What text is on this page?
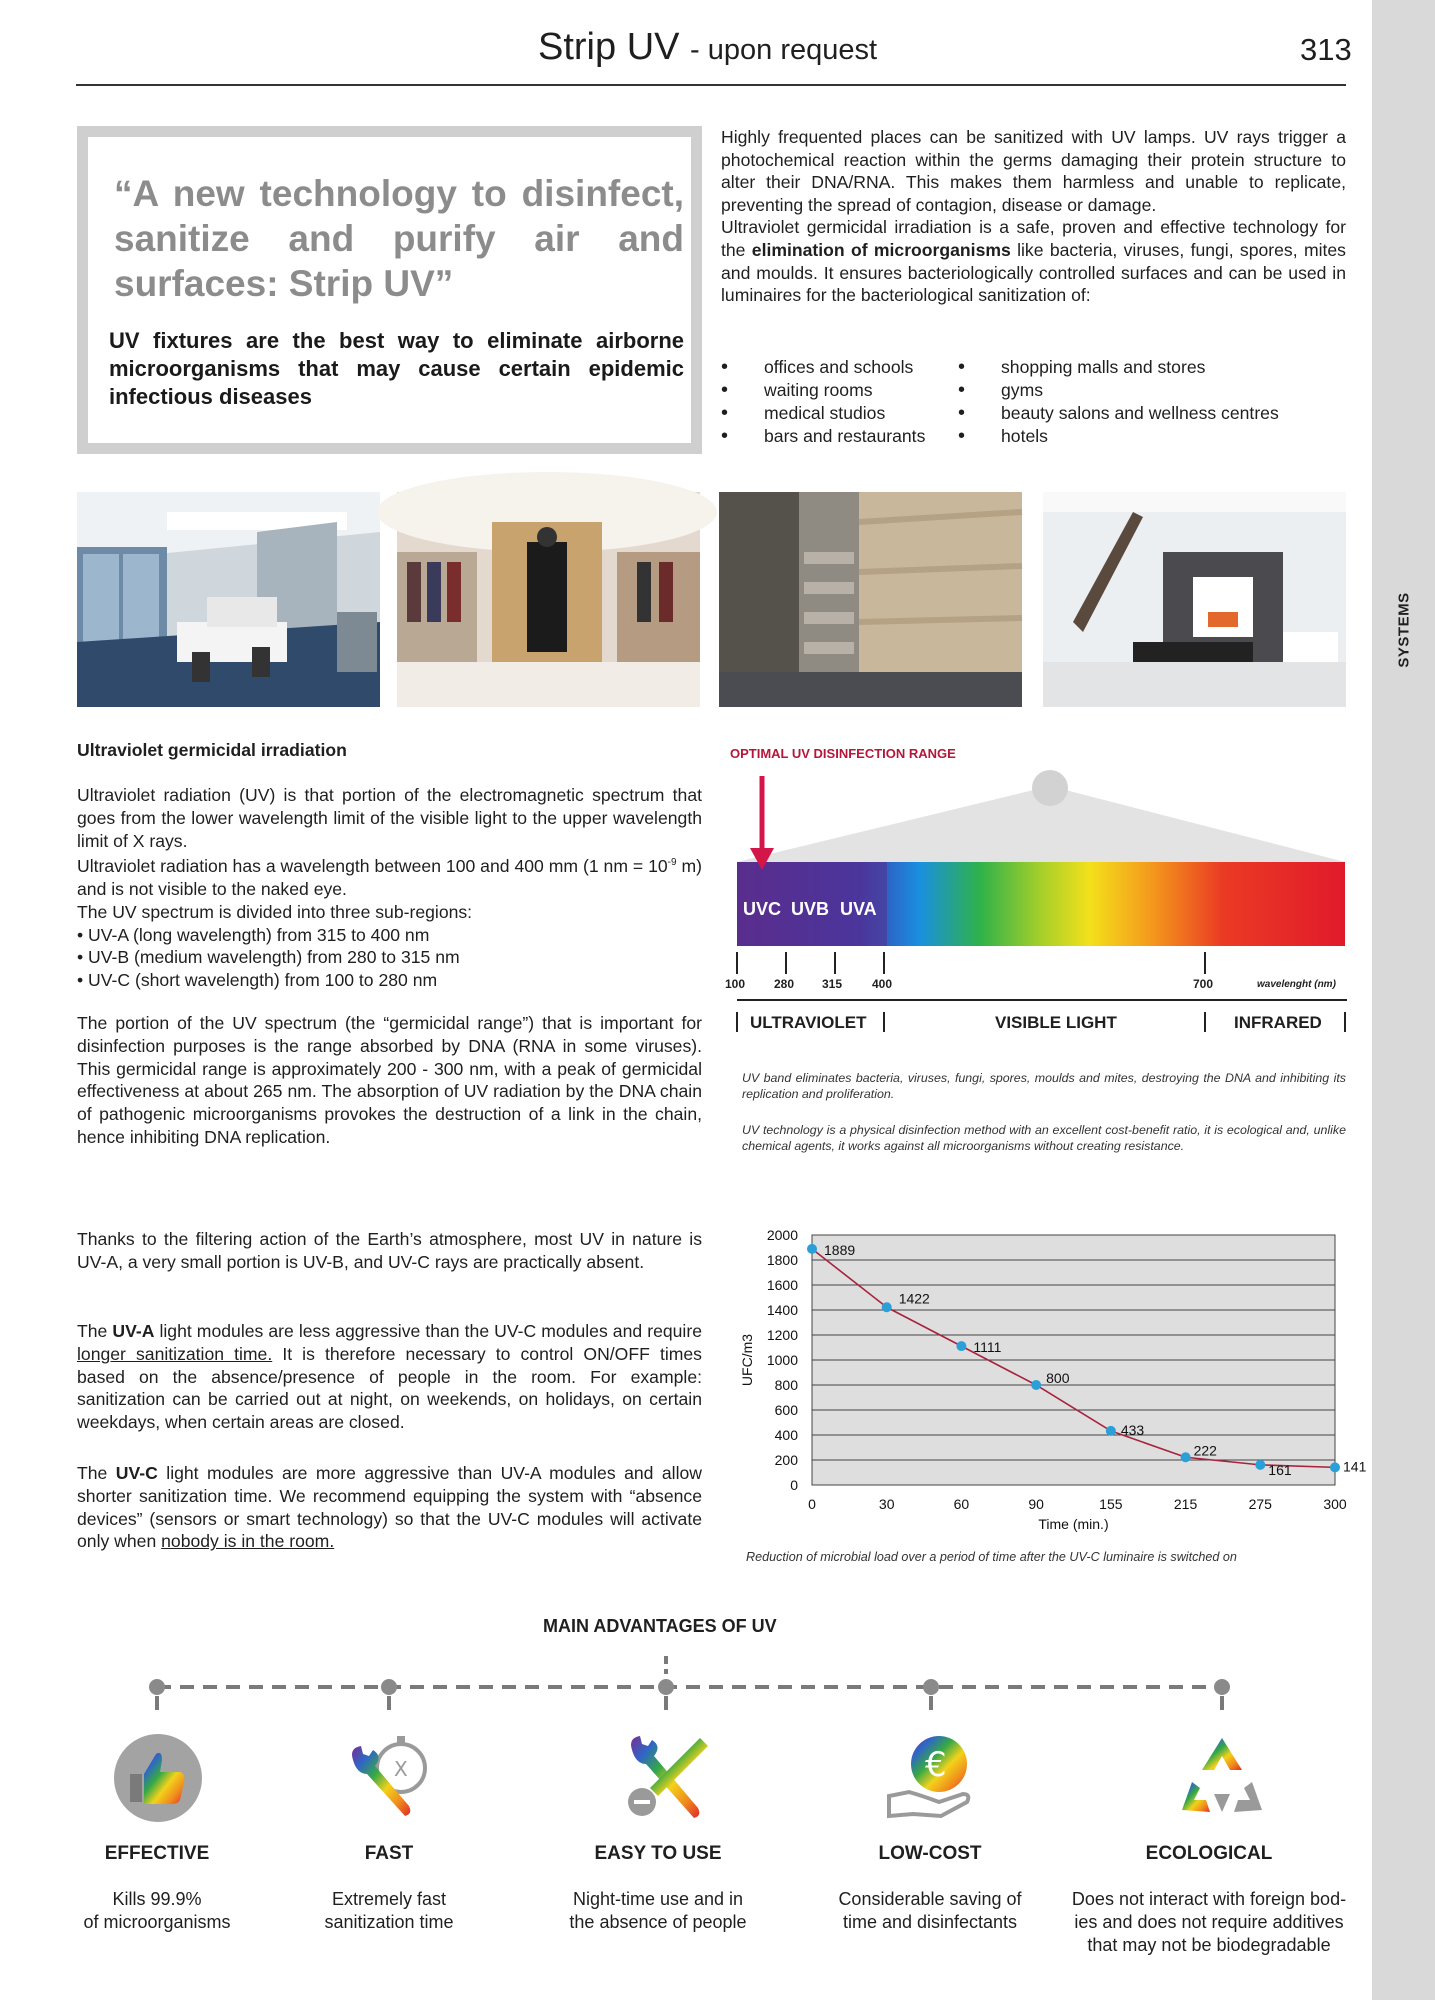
SYSTEMS
Strip UV - upon request	313
“A new technology to disinfect, sanitize and purify air and surfaces: Strip UV”
UV fixtures are the best way to eliminate airborne microorganisms that may cause certain epidemic infectious diseases

Highly frequented places can be sanitized with UV lamps. UV rays trigger a photochemical reaction within the germs damaging their protein structure to alter their DNA/RNA. This makes them harmless and unable to replicate, preventing the spread of contagion, disease or damage.

Ultraviolet germicidal irradiation is a safe, proven and effective technology for the elimination of microorganisms like bacteria, viruses, fungi, spores, mites and moulds. It ensures bacteriologically controlled surfaces and can be used in luminaires for the bacteriological sanitization of:

• offices and schools
• waiting rooms
• medical studios
• bars and restaurants
• shopping malls and stores
• gyms
• beauty salons and wellness centres
• hotels
Ultraviolet germicidal irradiation

Ultraviolet radiation (UV) is that portion of the electromagnetic spectrum that goes from the lower wavelength limit of the visible light to the upper wavelength limit of X rays.

Ultraviolet radiation has a wavelength between 100 and 400 mm (1 nm = $10^{-9}$ m) and is not visible to the naked eye.

The UV spectrum is divided into three sub-regions:

• UV-A (long wavelength) from 315 to 400 nm
• UV-B (medium wavelength) from 280 to 315 nm
• UV-C (short wavelength) from 100 to 280 nm
The portion of the UV spectrum (the “germicidal range”) that is important for disinfection purposes is the range absorbed by DNA (RNA in some viruses). This germicidal range is approximately 200 - 300 nm, with a peak of germicidal effectiveness at about 265 nm. The absorption of UV radiation by the DNA chain of pathogenic microorganisms provokes the destruction of a link in the chain, hence inhibiting DNA replication.
OPTIMAL UV DISINFECTION RANGE
UVC UVB UVA
100 280 315 400	700	wavelenght (nm)
ULTRAVIOLET	VISIBLE LIGHT	INFRARED
UV band eliminates bacteria, viruses, fungi, spores, moulds and mites, destroying the DNA and inhibiting its replication and proliferation.
UV technology is a physical disinfection method with an excellent cost-benefit ratio, it is ecological and, unlike chemical agents, it works against all microorganisms without creating resistance.
Thanks to the filtering action of the Earth’s atmosphere, most UV in nature is UV-A, a very small portion is UV-B, and UV-C rays are practically absent.
The UV-A light modules are less aggressive than the UV-C modules and require longer sanitization time. It is therefore necessary to control ON/OFF times based on the absence/presence of people in the room. For example: sanitization can be carried out at night, on weekends, on holidays, on certain weekdays, when certain areas are closed.
The UV-C light modules are more aggressive than UV-A modules and allow shorter sanitization time. We recommend equipping the system with “absence devices” (sensors or smart technology) so that the UV-C modules will activate only when nobody is in the room.
0
200
400
600
800
1000
1200
1400
1600
1800
2000
0	30	60	90	155	215	275	300
Time (min.)
UFC/m3
1889
1422
1111
800
433
222
161	141
Reduction of microbial load over a period of time after the UV-C luminaire is switched on
MAIN ADVANTAGES OF UV
X	€
EFFECTIVE	FAST	EASY TO USE	LOW-COST	ECOLOGICAL
Kills 99.9%
of microorganisms
Extremely fast
sanitization time
Night-time use and in
the absence of people
Considerable saving of
time and disinfectants
Does not interact with foreign bod-
ies and does not require additives
that may not be biodegradable
